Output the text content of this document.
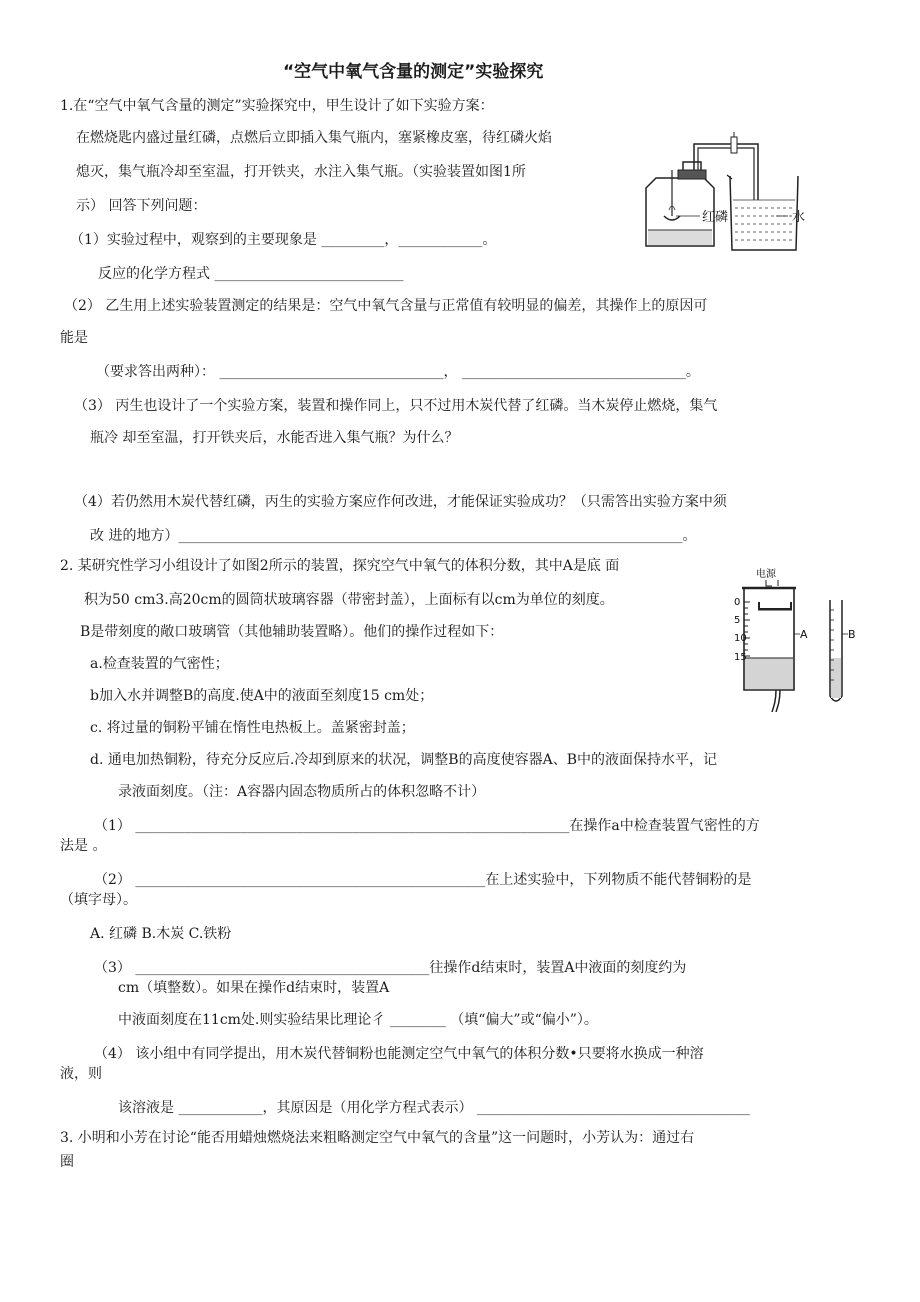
“空气中氧气含量的测定”实验探究
1.在“空气中氧气含量的测定”实验探究中，甲生设计了如下实验方案：
在燃烧匙内盛过量红磷，点燃后立即插入集气瓶内，塞紧橡皮塞，待红磷火焰
熄灭，集气瓶冷却至室温，打开铁夹，水注入集气瓶。（实验装置如图1所
示） 回答下列问题：
（1）实验过程中，观察到的主要现象是 _________，____________。
反应的化学方程式 ___________________________
（2） 乙生用上述实验装置测定的结果是：空气中氧气含量与正常值有较明显的偏差，其操作上的原因可
能是
（要求答出两种）： ________________________________， ________________________________。
（3） 丙生也设计了一个实验方案，装置和操作同上，只不过用木炭代替了红磷。当木炭停止燃烧，集气
瓶冷 却至室温，打开铁夹后，水能否进入集气瓶？为什么？
（4）若仍然用木炭代替红磷，丙生的实验方案应作何改进，才能保证实验成功？（只需答出实验方案中须
改 进的地方）________________________________________________________________________。
红磷	水
2. 某研究性学习小组设计了如图2所示的装置，探究空气中氧气的体积分数，其中A是底 面
积为50 cm3.高20cm的圆筒状玻璃容器（带密封盖），上面标有以cm为单位的刻度。
B是带刻度的敞口玻璃管（其他辅助装置略）。他们的操作过程如下：
a.检查装置的气密性；
b加入水并调整B的高度.使A中的液面至刻度15 cm处；
c. 将过量的铜粉平铺在惰性电热板上。盖紧密封盖；
d. 通电加热铜粉，待充分反应后.冷却到原来的状况，调整B的高度使容器A、B中的液面保持水平，记
录液面刻度。（注：A容器内固态物质所占的体积忽略不计）
（1） ______________________________________________________________在操作a中检查装置气密性的方
法是 。
（2） __________________________________________________在上述实验中，下列物质不能代替铜粉的是
（填字母）。
A. 红磷 B.木炭 C.铁粉
（3） __________________________________________往操作d结束时，装置A中液面的刻度约为
cm（填整数）。如果在操作d结束时，装置A
中液面刻度在11cm处.则实验结果比理论彳 ________ （填“偏大”或“偏小”）。
（4） 该小组中有同学提出，用木炭代替铜粉也能测定空气中氧气的体积分数•只要将水换成一种溶
液，则
该溶液是 ____________，其原因是（用化学方程式表示） _______________________________________
电源
0
5
10
15
A	B
3. 小明和小芳在讨论“能否用蜡烛燃烧法来粗略测定空气中氧气的含量”这一问题时，小芳认为：通过右
圈
